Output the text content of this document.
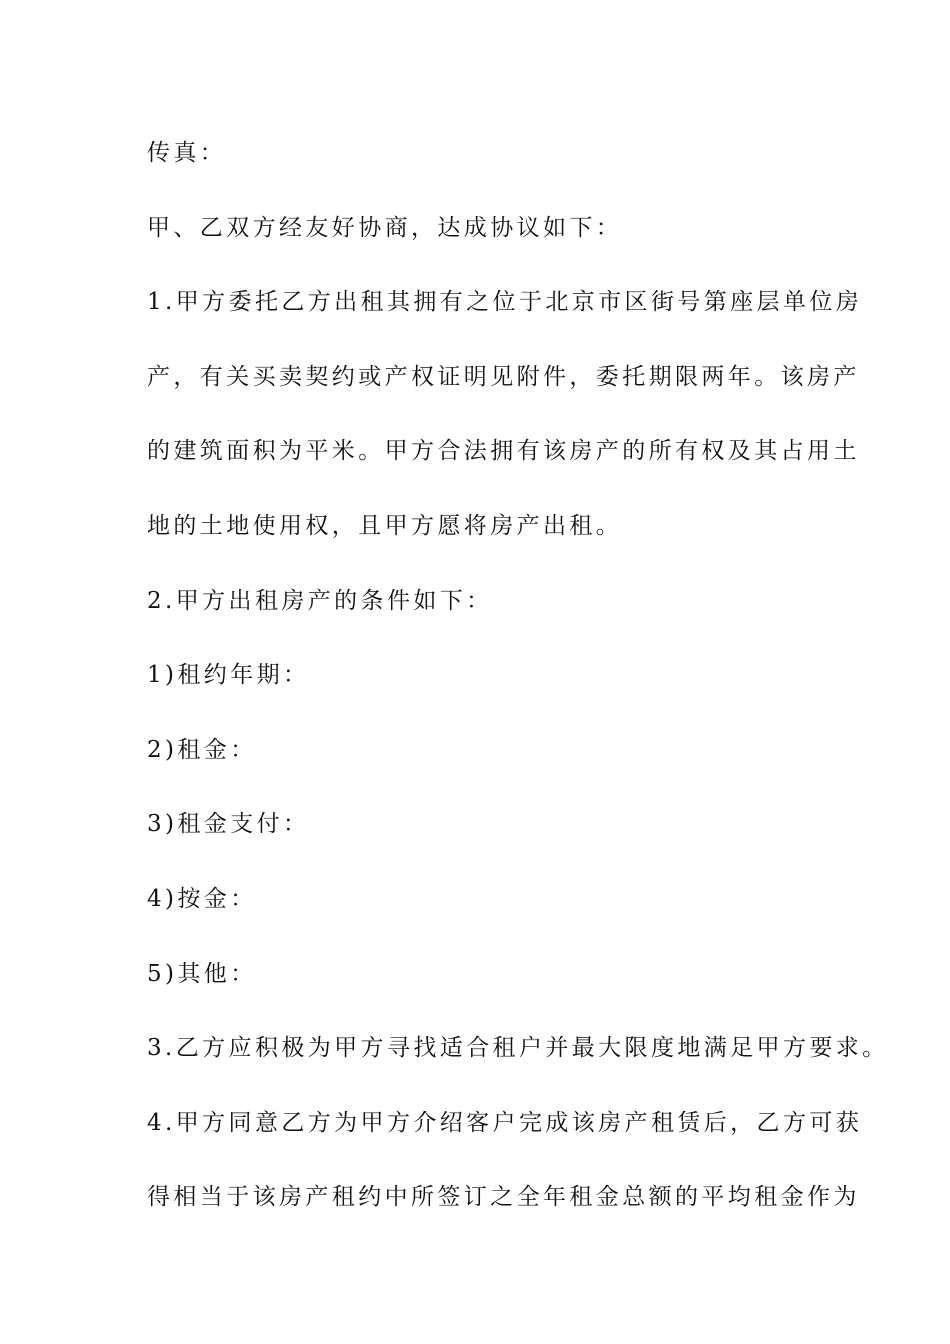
传真：

甲、乙双方经友好协商，达成协议如下：

1.甲方委托乙方出租其拥有之位于北京市区街号第座层单位房

产，有关买卖契约或产权证明见附件，委托期限两年。该房产

的建筑面积为平米。甲方合法拥有该房产的所有权及其占用土

地的土地使用权，且甲方愿将房产出租。

2.甲方出租房产的条件如下：

1)租约年期：

2)租金：

3)租金支付：

4)按金：

5)其他：

3.乙方应积极为甲方寻找适合租户并最大限度地满足甲方要求。

4.甲方同意乙方为甲方介绍客户完成该房产租赁后，乙方可获

得相当于该房产租约中所签订之全年租金总额的平均租金作为
